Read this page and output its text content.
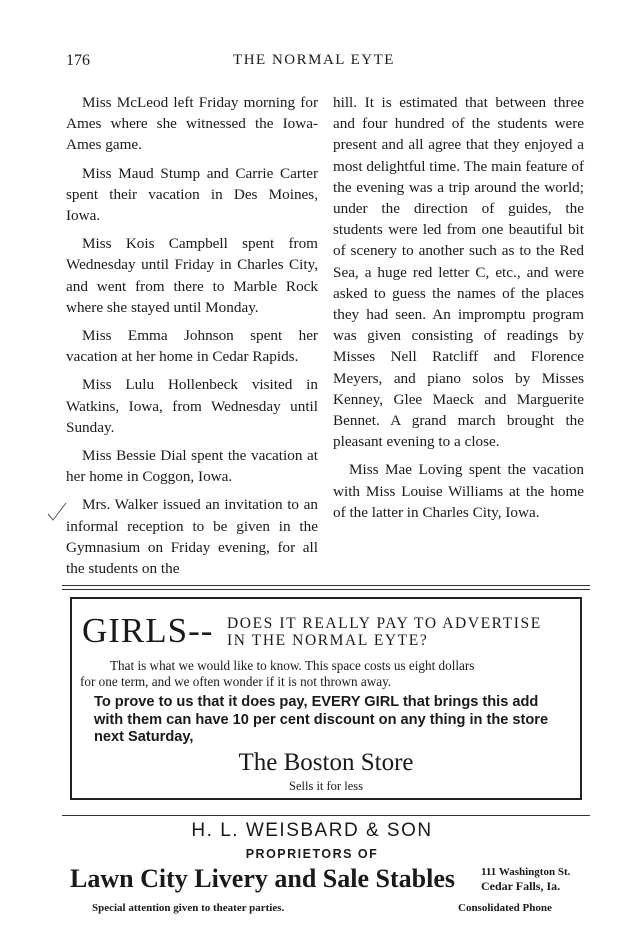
176	THE NORMAL EYTE

Miss McLeod left Friday morning for Ames where she witnessed the Iowa-Ames game.

Miss Maud Stump and Carrie Carter spent their vacation in Des Moines, Iowa.

Miss Kois Campbell spent from Wednesday until Friday in Charles City, and went from there to Marble Rock where she stayed until Monday.

Miss Emma Johnson spent her vacation at her home in Cedar Rapids.

Miss Lulu Hollenbeck visited in Watkins, Iowa, from Wednesday until Sunday.

Miss Bessie Dial spent the vacation at her home in Coggon, Iowa.

Mrs. Walker issued an invitation to an informal reception to be given in the Gymnasium on Friday evening, for all the students on the

hill. It is estimated that between three and four hundred of the students were present and all agree that they enjoyed a most delightful time. The main feature of the evening was a trip around the world; under the direction of guides, the students were led from one beautiful bit of scenery to another such as to the Red Sea, a huge red letter C, etc., and were asked to guess the names of the places they had seen. An impromptu program was given consisting of readings by Misses Nell Ratcliff and Florence Meyers, and piano solos by Misses Kenney, Glee Maeck and Marguerite Bennet. A grand march brought the pleasant evening to a close.

Miss Mae Loving spent the vacation with Miss Louise Williams at the home of the latter in Charles City, Iowa.

GIRLS-- DOES IT REALLY PAY TO ADVERTISE
IN THE NORMAL EYTE?
That is what we would like to know. This space costs us eight dollars
for one term, and we often wonder if it is not thrown away.
To prove to us that it does pay, EVERY GIRL that brings this add with them can have 10 per cent discount on any thing in the store next Saturday,
The Boston Store
Sells it for less
H. L. WEISBARD & SON
PROPRIETORS OF
Lawn City Livery and Sale Stables 111 Washington St.
Cedar Falls, Ia.
Special attention given to theater parties.	Consolidated Phone
